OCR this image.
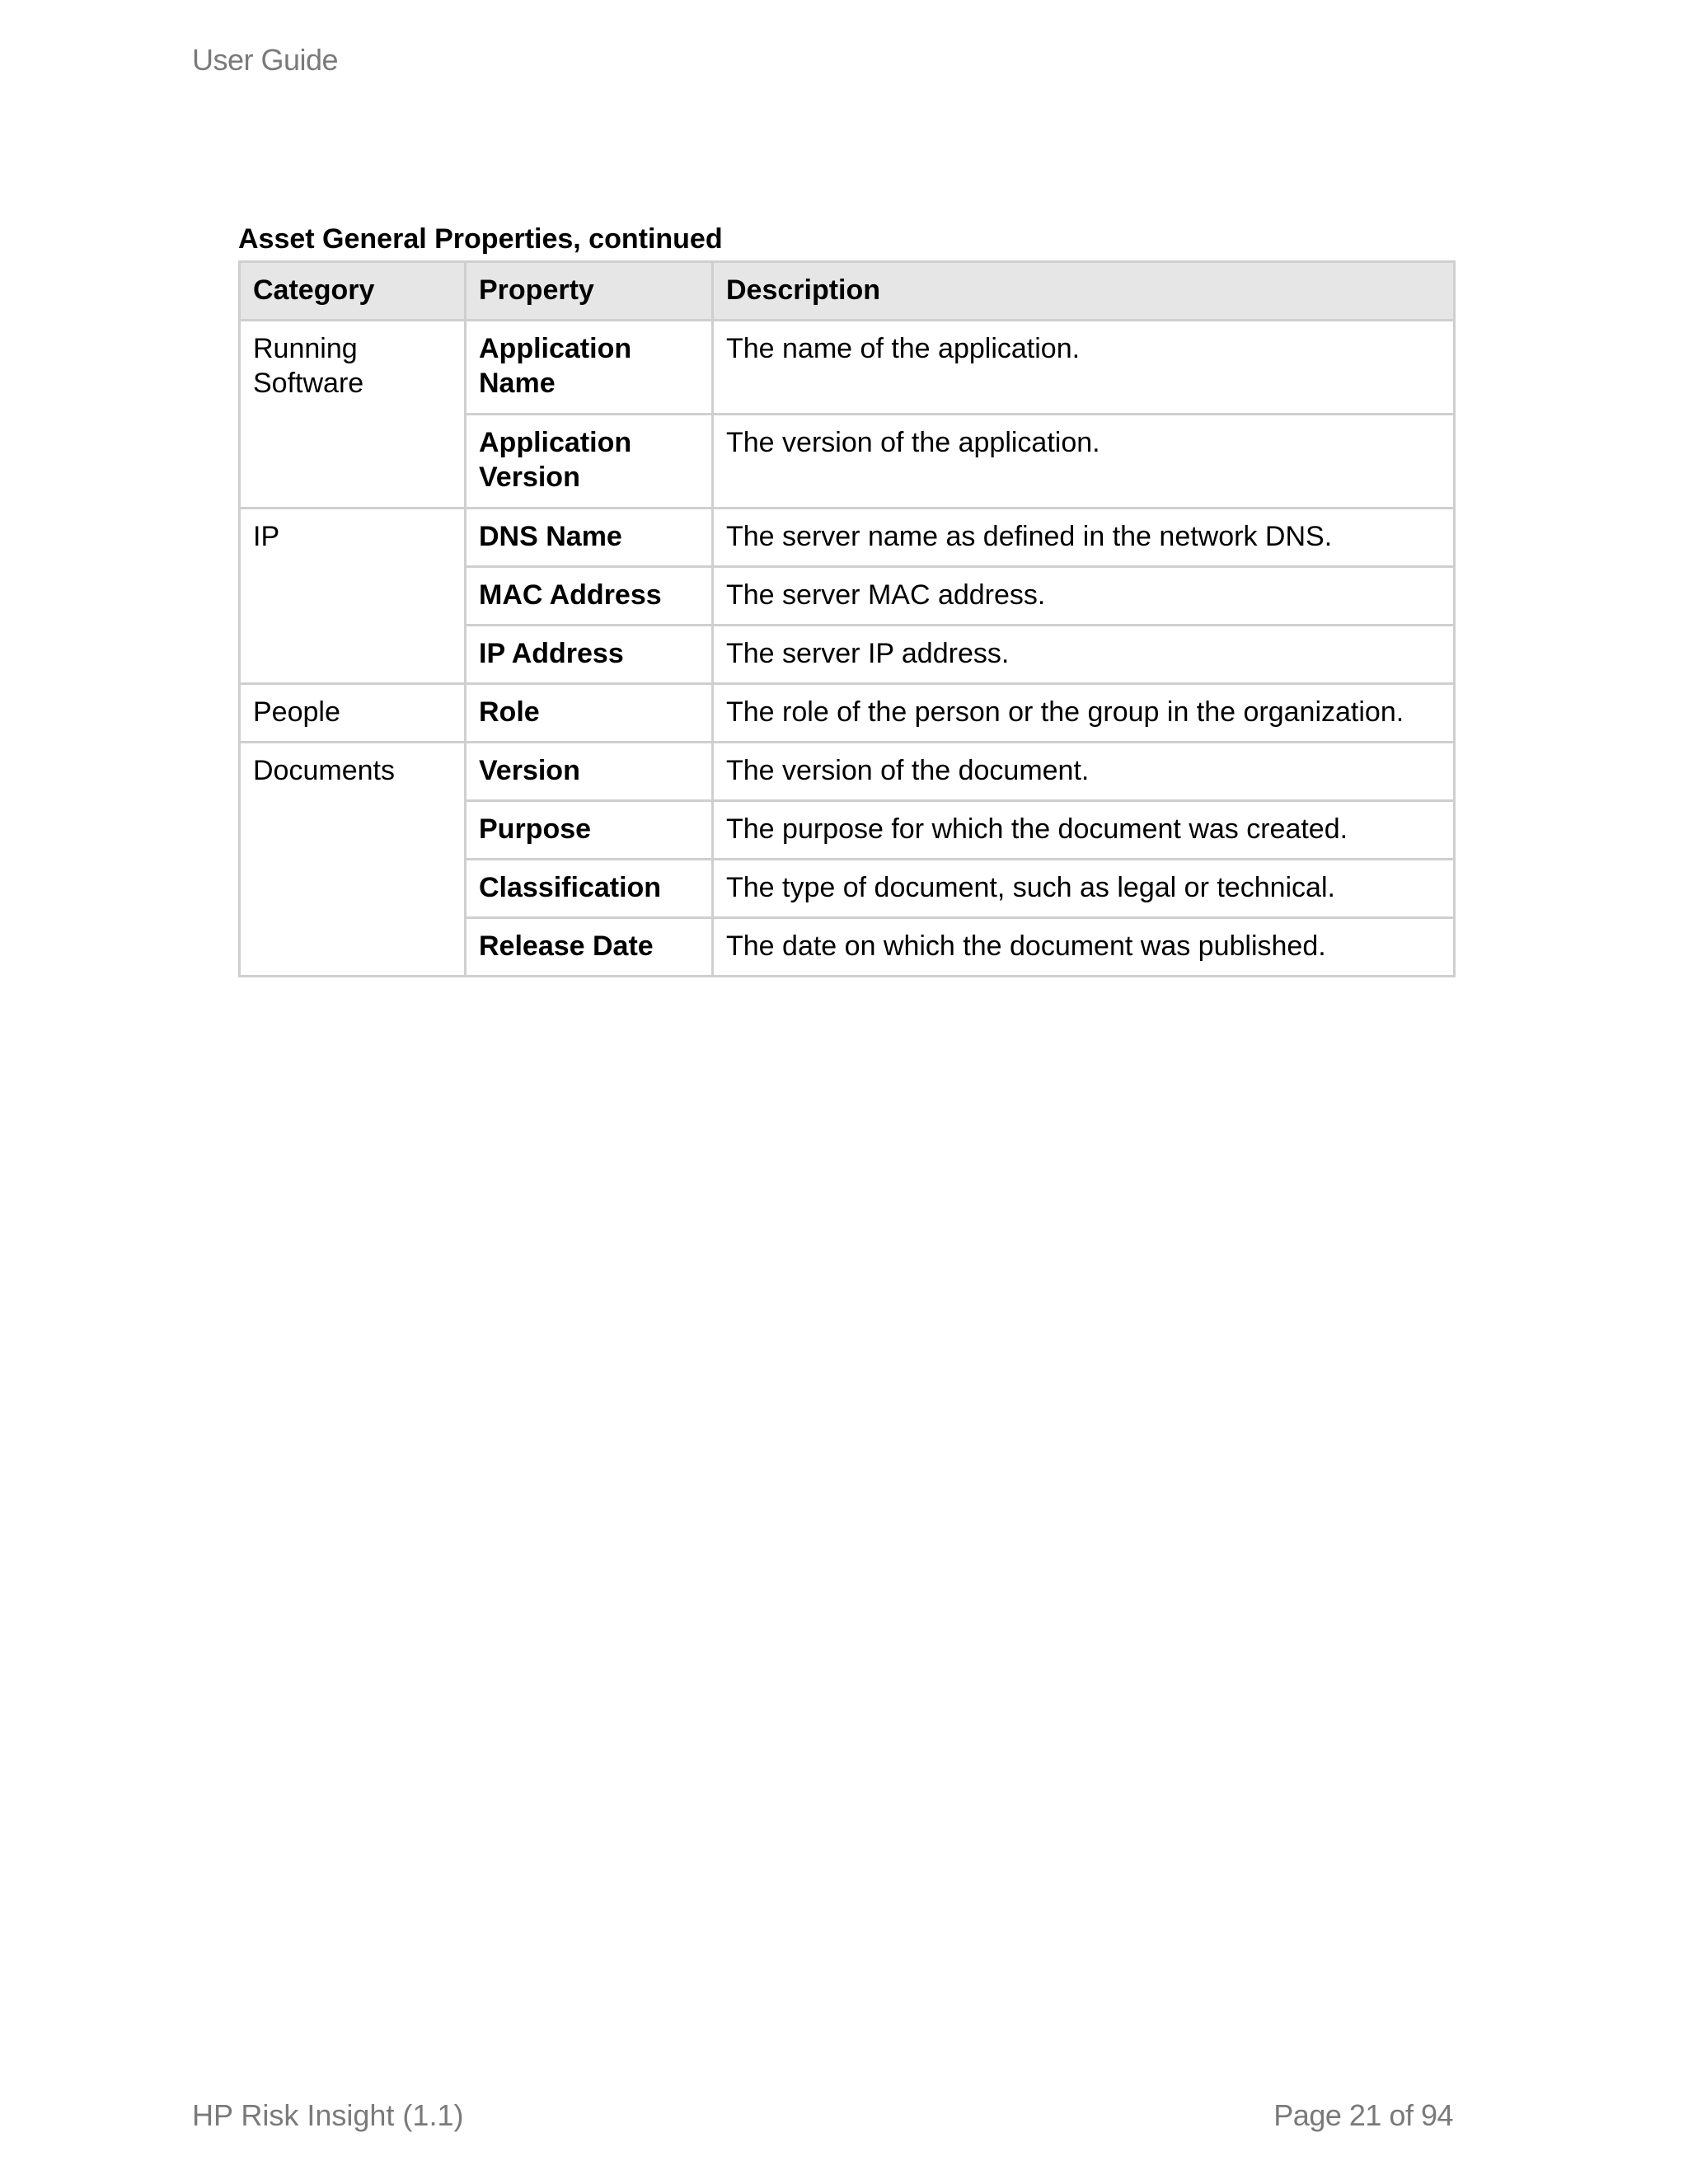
User Guide
Asset General Properties, continued
Category	Property	Description
Running Software	Application Name	The name of the application.
	Application Version	The version of the application.
IP	DNS Name	The server name as defined in the network DNS.
	MAC Address	The server MAC address.
	IP Address	The server IP address.
People	Role	The role of the person or the group in the organization.
Documents	Version	The version of the document.
	Purpose	The purpose for which the document was created.
	Classification	The type of document, such as legal or technical.
	Release Date	The date on which the document was published.
HP Risk Insight (1.1)	Page 21 of 94
